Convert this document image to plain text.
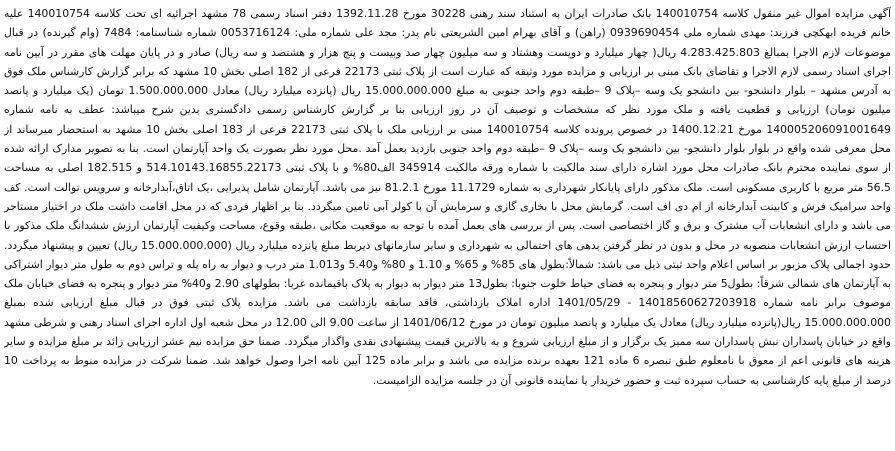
آگهی مزایده اموال غیر منقول کلاسه 140010754 بانک صادرات ایران به استناد سند رهنی 30228 مورخ 1392.11.28 دفتر اسناد رسمی 78 مشهد اجرائیه ای تحت کلاسه 140010754 علیه خانم فریده ابهکچی فرزند: مهدی شماره ملی 0939690454 (راهن) و آقای بهرام امین الشریعتی نام پدر: مجد علی شماره ملی: 0053716124 شماره شناسنامه: 7484 (وام گیرنده) در قبال موضوعات لازم الاجرا بمبالغ 4.283.425.803 ریال( چهار میلیارد و دویست وهشتاد و سه میلیون چهار صد وبیست و پنج هزار و هشتصد و سه ریال) صادر و در پایان مهلت های مقرر در آیین نامه اجرای اسناد رسمی لازم الاجرا و تقاضای بانک مبنی بر ارزیابی و مزایده مورد وثیقه که عبارت است از پلاک ثبتی 22173 فرعی از 182 اصلی بخش 10 مشهد که برابر گزارش کارشناس ملک فوق به آدرس مشهد – بلوار دانشجو- بین دانشجو یک وسه –پلاک 9 –طبقه دوم واحد جنوبی به مبلغ 15.000.000.000 ریال (پانزده میلیارد ریال) معادل 1.500.000.000 تومان (یک میلیارد و پانصد میلیون تومان) ارزیابی و قطعیت یافته و ملک مورد نظر که مشخصات و توصیف آن در روز ارزیابی بنا بر گزارش کارشناس رسمی دادگستری بدین شرح میباشد: عطف به نامه شماره 140005206091001649 مورخ 1400.12.21 در خصوص پرونده کلاسه 140010754 مبنی بر ارزیابی ملک با پلاک ثبتی 22173 فرعی از 183 اصلی بخش 10 مشهد به استحضار میرساند از محل معرفی شده واقع در بلوار بلوار دانشجو- بین دانشجو یک وسه –پلاک 9 –طبقه دوم واحد جنوبی بازدید بعمل آمد .محل مورد نظر بصورت یک واحد آپارتمان است. بنا به تصویر مدارک ارائه شده از سوی نماینده محترم بانک صادرات محل مورد اشاره دارای سند مالکیت با شماره ورقه مالکیت 345914 الف80% و با پلاک ثبتی 514.10143.16855.22173 و 182.515 اصلی به مساحت 56.5 متر مربع با کاربری مسکونی است. ملک مذکور دارای پایانکار شهرداری به شماره 11.1729 مورخ 81.2.1 نیز می باشد. آپارتمان شامل پذیرایی ،یک اتاق،آبدارخانه و سرویس توالت است. کف واحد سرامیک فرش و کابینت آبدارخانه از ام دی اف است. گرمایش محل با بخاری گازی و سرمایش آن با کولر آبی تامین میگردد. بنا بر اظهار فردی که در محل اقامت داشت ملک در اختیار مستاجر می باشد و دارای انشعابات آب مشترک و برق و گاز اختصاصی است. پس از بررسی های بعمل آمده با توجه به موقعیت مکانی ،طبقه وقوع، مساحت وکیفیت آپارتمان ارزش ششدانگ ملک مذکور با احتساب ارزش انشعابات منصوبه در محل و بدون در نظر گرفتن بدهی های احتمالی به شهرداری و سایر سازمانهای ذیربط مبلغ پانزده میلیارد ریال (15.000.000.000 ریال) تعیین و پیشنهاد میگردد. حدود اجمالی پلاک مزبور بر اساس اعلام واحد ثبتی ذیل می باشد: شمالاً:بطول های 85% و 65% و 1.10 و 80% و5.40 و1.013 متر درب و دیوار به راه پله و تراس دوم به طول متر دیوار اشتراکی به آپارتمان های شمالی شرقاً: بطول5 متر دیوار و پنجره به فضای حیاط خلوت جنوبا: بطول13 متر دیوار به دیوار به پلاک باقیمانده غربا: بطولهای 2.90 و40% متر دیوار و پنجره به فضای خیابان ملک موصوف برابر نامه شماره 14018560627203918 - 1401/05/29 اداره املاک بازداشتی، فاقد سابقه بازداشت می باشد. مزایده پلاک ثبتی فوق در قبال مبلغ ارزیابی شده بمبلغ 15.000.000.000 ریال(پانزده میلیارد ریال) معادل یک میلیارد و پانصد میلیون تومان در مورخ 1401/06/12 از ساعت 9.00 الی 12.00 در محل شعبه اول اداره اجرای اسناد رهنی و شرطی مشهد واقع در خیابان پاسداران نبش پاسداران سه ممیز یک برگزار و از مبلغ ارزیابی شروع و به بالاترین قیمت پیشنهادی نقدی واگذار میگردد. ضمنا حق مزایده نیم عشر ارزیابی زائد بر مبلغ مزایده و سایر هزینه های قانونی اعم از معوق با نامعلوم طبق تبصره 6 ماده 121 بعهده برنده مزایده می باشد و برابر ماده 125 آیین نامه اجرا وصول خواهد شد. ضمنا شرکت در مزایده منوط به پرداخت 10 درصد از مبلغ پایه کارشناسی به حساب سپرده ثبت و حضور خریدار یا نماینده قانونی آن در جلسه مزایده الزامیست.
